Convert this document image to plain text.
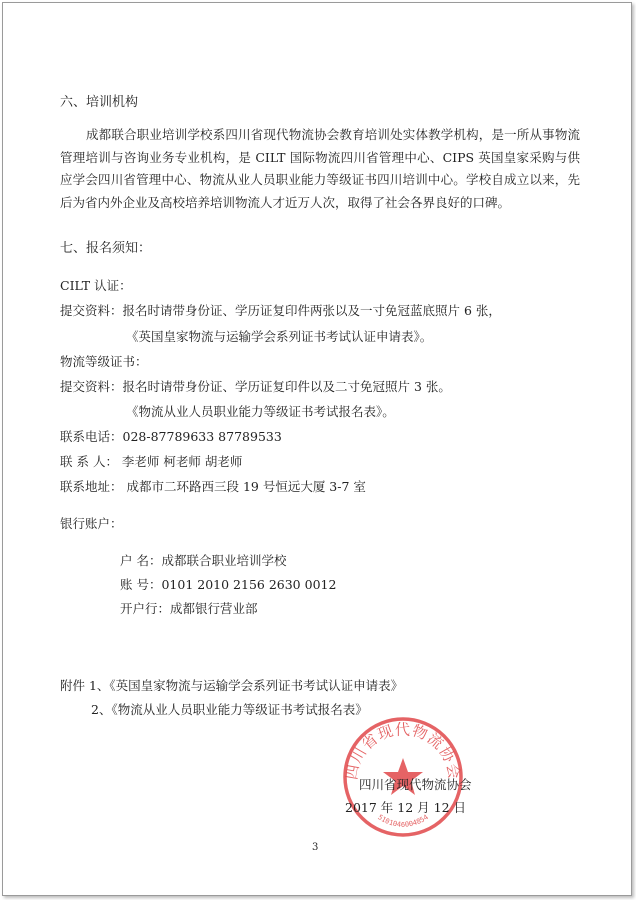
六、培训机构
成都联合职业培训学校系四川省现代物流协会教育培训处实体教学机构，是一所从事物流管理培训与咨询业务专业机构，是 CILT 国际物流四川省管理中心、CIPS 英国皇家采购与供应学会四川省管理中心、物流从业人员职业能力等级证书四川培训中心。学校自成立以来，先后为省内外企业及高校培养培训物流人才近万人次，取得了社会各界良好的口碑。
七、报名须知：
CILT 认证：
提交资料：报名时请带身份证、学历证复印件两张以及一寸免冠蓝底照片 6 张，
《英国皇家物流与运输学会系列证书考试认证申请表》。
物流等级证书：
提交资料：报名时请带身份证、学历证复印件以及二寸免冠照片 3 张。
《物流从业人员职业能力等级证书考试报名表》。
联系电话：028-87789633 87789533
联 系 人： 李老师 柯老师 胡老师
联系地址： 成都市二环路西三段 19 号恒远大厦 3-7 室
银行账户：
户 名：成都联合职业培训学校
账 号：0101 2010 2156 2630 0012
开户行：成都银行营业部
附件 1、《英国皇家物流与运输学会系列证书考试认证申请表》
2、《物流从业人员职业能力等级证书考试报名表》
四川省现代物流协会
5101046004854
四川省现代物流协会
2017 年 12 月 12 日
3
